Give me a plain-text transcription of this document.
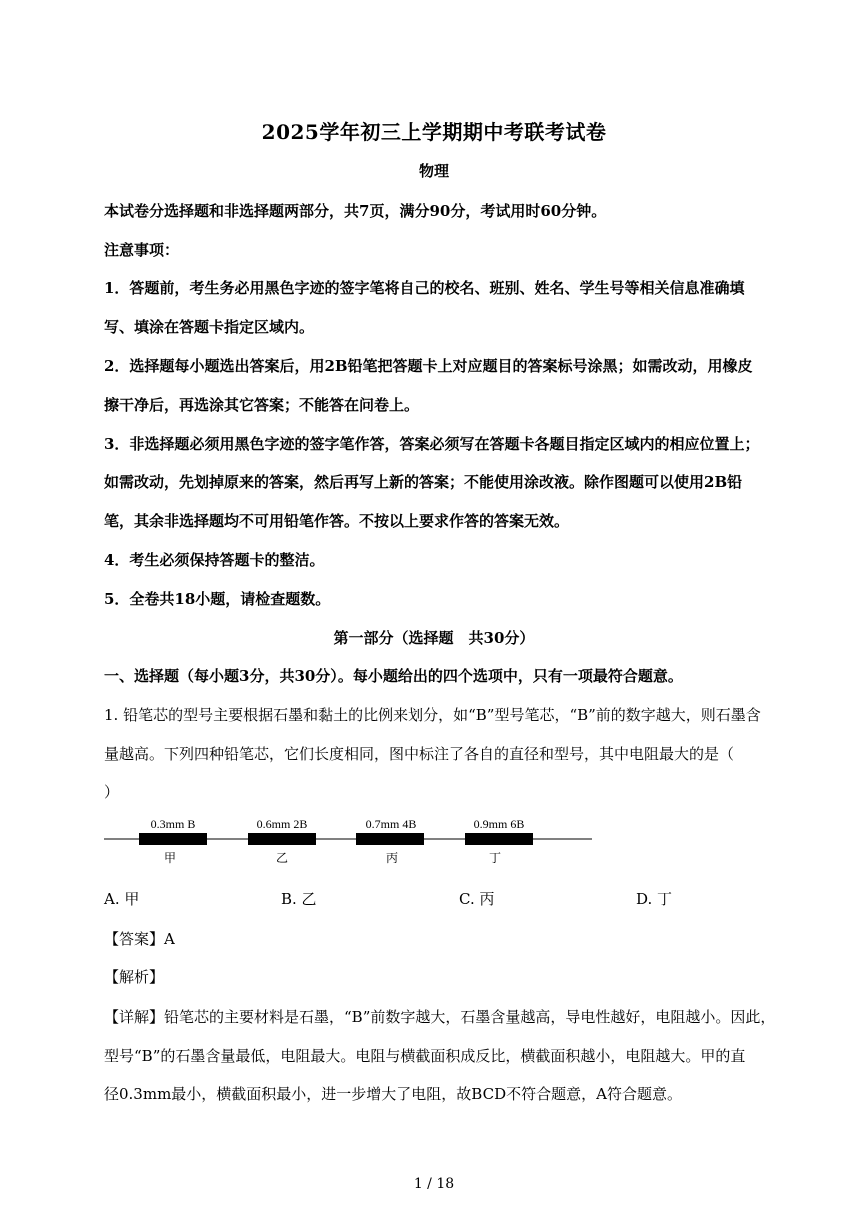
2025学年初三上学期期中考联考试卷
物理
本试卷分选择题和非选择题两部分，共7页，满分90分，考试用时60分钟。
注意事项：
1．答题前，考生务必用黑色字迹的签字笔将自己的校名、班别、姓名、学生号等相关信息准确填
写、填涂在答题卡指定区域内。
2．选择题每小题选出答案后，用2B铅笔把答题卡上对应题目的答案标号涂黑；如需改动，用橡皮
擦干净后，再选涂其它答案；不能答在问卷上。
3．非选择题必须用黑色字迹的签字笔作答，答案必须写在答题卡各题目指定区域内的相应位置上；
如需改动，先划掉原来的答案，然后再写上新的答案；不能使用涂改液。除作图题可以使用2B铅
笔，其余非选择题均不可用铅笔作答。不按以上要求作答的答案无效。
4．考生必须保持答题卡的整洁。
5．全卷共18小题，请检查题数。
第一部分（选择题　共30分）
一、选择题（每小题3分，共30分）。每小题给出的四个选项中，只有一项最符合题意。
1. 铅笔芯的型号主要根据石墨和黏土的比例来划分，如“B”型号笔芯，“B”前的数字越大，则石墨含
量越高。下列四种铅笔芯，它们长度相同，图中标注了各自的直径和型号，其中电阻最大的是（
）
0.3mm B
甲
0.6mm 2B
乙
0.7mm 4B
丙
0.9mm 6B
丁
A. 甲	B. 乙	C. 丙	D. 丁
【答案】A
【解析】
【详解】铅笔芯的主要材料是石墨，“B”前数字越大，石墨含量越高，导电性越好，电阻越小。因此，
型号“B”的石墨含量最低，电阻最大。电阻与横截面积成反比，横截面积越小，电阻越大。甲的直
径0.3mm最小，横截面积最小，进一步增大了电阻，故BCD不符合题意，A符合题意。
1 / 18
